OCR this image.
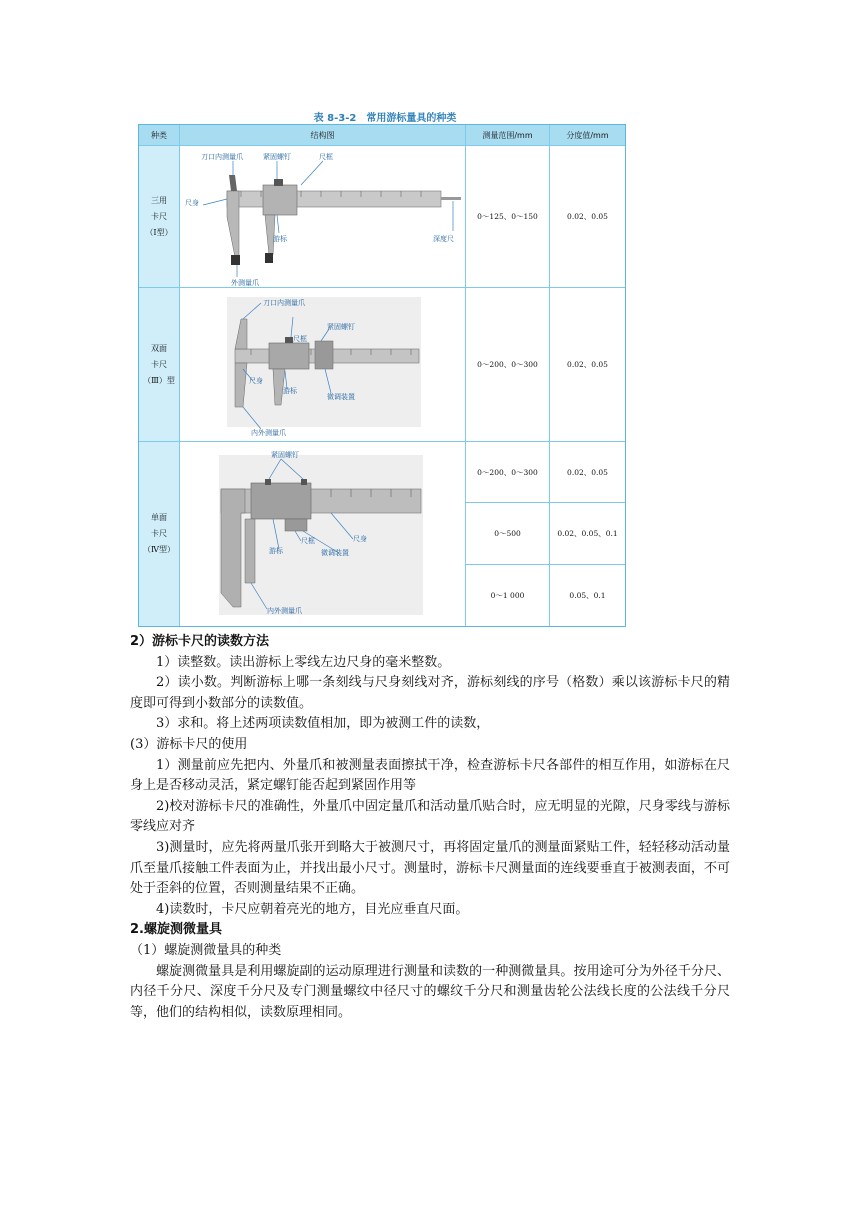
表 8-3-2　常用游标量具的种类
种类	结构图	测量范围/mm	分度值/mm
三用
卡尺
（Ⅰ型）
刀口内测量爪	紧固螺钉	尺框
尺身
游标	深度尺
外测量爪
0～125、0～150	0.02、0.05
双面
卡尺
（Ⅲ）型
刀口内测量爪
紧固螺钉
尺框
尺身
游标
微调装置
内外测量爪
0～200、0～300	0.02、0.05
单面
卡尺
（Ⅳ型）
紧固螺钉
尺身
尺框
游标	微调装置
内外测量爪
0～200、0～300	0.02、0.05
0～500	0.02、0.05、0.1
0～1 000	0.05、0.1

2）游标卡尺的读数方法

1）读整数。读出游标上零线左边尺身的毫米整数。

2）读小数。判断游标上哪一条刻线与尺身刻线对齐，游标刻线的序号（格数）乘以该游标卡尺的精度即可得到小数部分的读数值。

3）求和。将上述两项读数值相加，即为被测工件的读数，

(3）游标卡尺的使用

1）测量前应先把内、外量爪和被测量表面擦拭干净，检查游标卡尺各部件的相互作用，如游标在尺身上是否移动灵活，紧定螺钉能否起到紧固作用等

2)校对游标卡尺的准确性，外量爪中固定量爪和活动量爪贴合时，应无明显的光隙，尺身零线与游标零线应对齐

3)测量时，应先将两量爪张开到略大于被测尺寸，再将固定量爪的测量面紧贴工件，轻轻移动活动量爪至量爪接触工件表面为止，并找出最小尺寸。测量时，游标卡尺测量面的连线要垂直于被测表面，不可处于歪斜的位置，否则测量结果不正确。

4)读数时，卡尺应朝着亮光的地方，目光应垂直尺面。

2.螺旋测微量具

（1）螺旋测微量具的种类

螺旋测微量具是利用螺旋副的运动原理进行测量和读数的一种测微量具。按用途可分为外径千分尺、内径千分尺、深度千分尺及专门测量螺纹中径尺寸的螺纹千分尺和测量齿轮公法线长度的公法线千分尺等，他们的结构相似，读数原理相同。
